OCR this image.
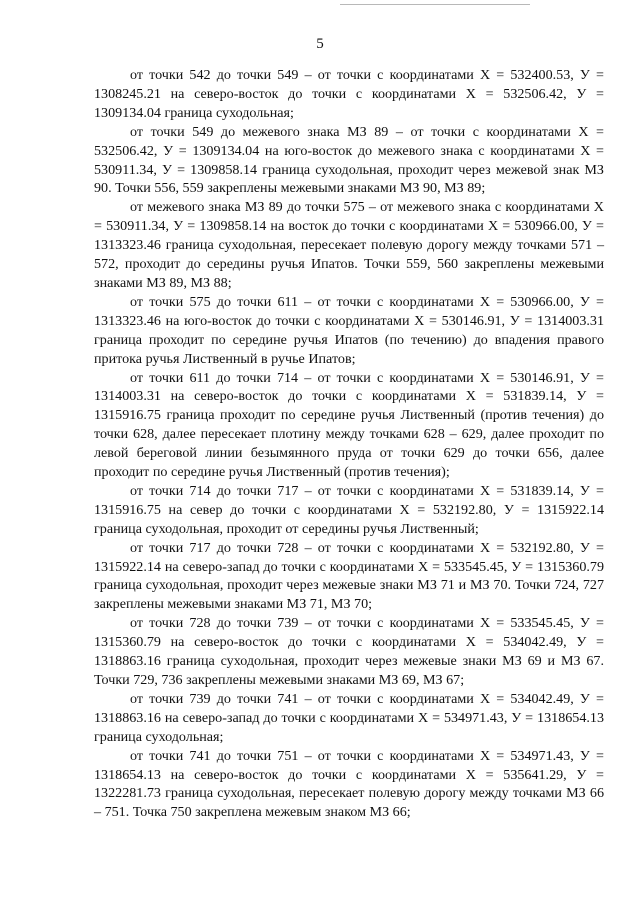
5

от точки 542 до точки 549 – от точки с координатами Х = 532400.53, У = 1308245.21 на северо-восток до точки с координатами Х = 532506.42, У = 1309134.04 граница суходольная;

от точки 549 до межевого знака МЗ 89 – от точки с координатами Х = 532506.42, У = 1309134.04 на юго-восток до межевого знака с координатами Х = 530911.34, У = 1309858.14 граница суходольная, проходит через межевой знак МЗ 90. Точки 556, 559 закреплены межевыми знаками МЗ 90, МЗ 89;

от межевого знака МЗ 89 до точки 575 – от межевого знака с координатами Х = 530911.34, У = 1309858.14 на восток до точки с координатами Х = 530966.00, У = 1313323.46 граница суходольная, пересекает полевую дорогу между точками 571 – 572, проходит до середины ручья Ипатов. Точки 559, 560 закреплены межевыми знаками МЗ 89, МЗ 88;

от точки 575 до точки 611 – от точки с координатами Х = 530966.00, У = 1313323.46 на юго-восток до точки с координатами Х = 530146.91, У = 1314003.31 граница проходит по середине ручья Ипатов (по течению) до впадения правого притока ручья Лиственный в ручье Ипатов;

от точки 611 до точки 714 – от точки с координатами Х = 530146.91, У = 1314003.31 на северо-восток до точки с координатами Х = 531839.14, У = 1315916.75 граница проходит по середине ручья Лиственный (против течения) до точки 628, далее пересекает плотину между точками 628 – 629, далее проходит по левой береговой линии безымянного пруда от точки 629 до точки 656, далее проходит по середине ручья Лиственный (против течения);

от точки 714 до точки 717 – от точки с координатами Х = 531839.14, У = 1315916.75 на север до точки с координатами Х = 532192.80, У = 1315922.14 граница суходольная, проходит от середины ручья Лиственный;

от точки 717 до точки 728 – от точки с координатами Х = 532192.80, У = 1315922.14 на северо-запад до точки с координатами Х = 533545.45, У = 1315360.79 граница суходольная, проходит через межевые знаки МЗ 71 и МЗ 70. Точки 724, 727 закреплены межевыми знаками МЗ 71, МЗ 70;

от точки 728 до точки 739 – от точки с координатами Х = 533545.45, У = 1315360.79 на северо-восток до точки с координатами Х = 534042.49, У = 1318863.16 граница суходольная, проходит через межевые знаки МЗ 69 и МЗ 67. Точки 729, 736 закреплены межевыми знаками МЗ 69, МЗ 67;

от точки 739 до точки 741 – от точки с координатами Х = 534042.49, У = 1318863.16 на северо-запад до точки с координатами Х = 534971.43, У = 1318654.13 граница суходольная;

от точки 741 до точки 751 – от точки с координатами Х = 534971.43, У = 1318654.13 на северо-восток до точки с координатами Х = 535641.29, У = 1322281.73 граница суходольная, пересекает полевую дорогу между точками МЗ 66 – 751. Точка 750 закреплена межевым знаком МЗ 66;
